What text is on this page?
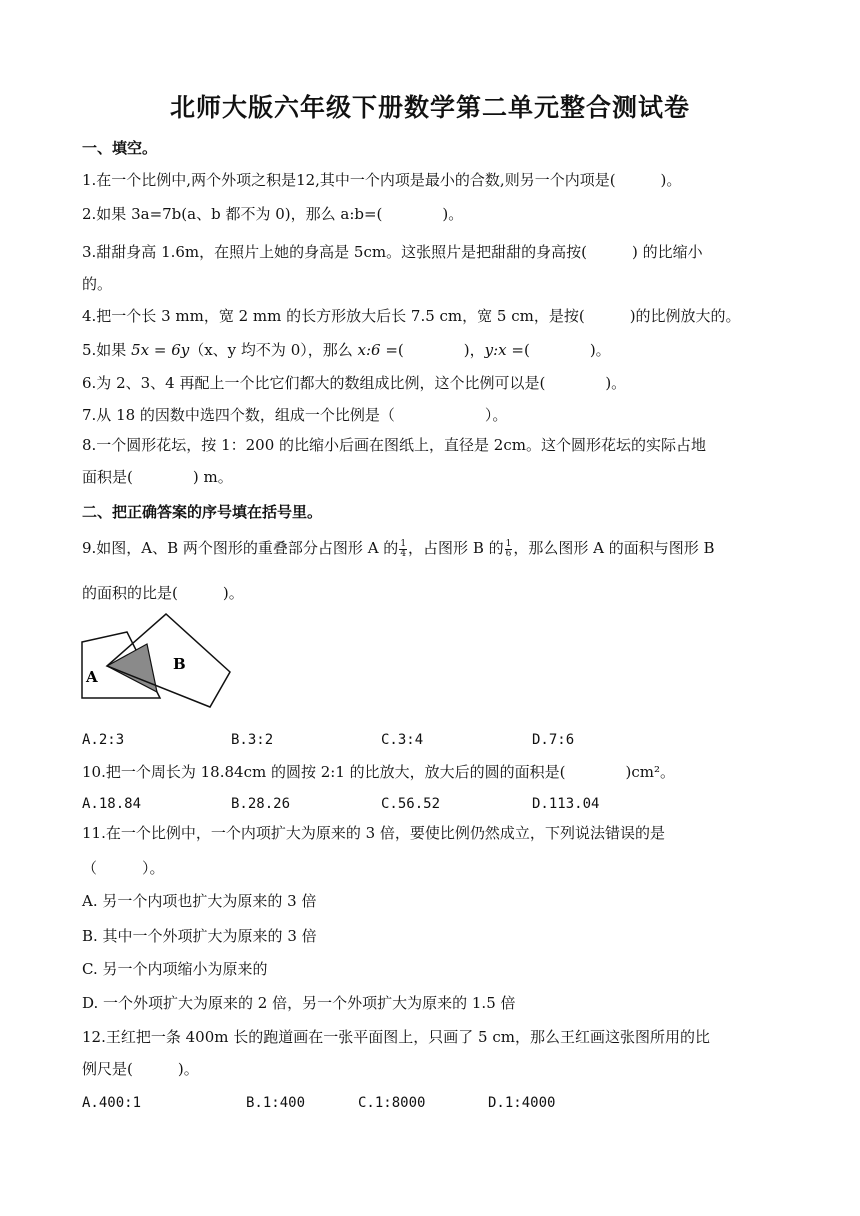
北师大版六年级下册数学第二单元整合测试卷
一、填空。
1.在一个比例中,两个外项之积是12,其中一个内项是最小的合数,则另一个内项是(　　　)。
2.如果 3a=7b(a、b 都不为 0)，那么 a:b=(　　　　)。
3.甜甜身高 1.6m，在照片上她的身高是 5cm。这张照片是把甜甜的身高按(　　　) 的比缩小
的。
4.把一个长 3 mm，宽 2 mm 的长方形放大后长 7.5 cm，宽 5 cm，是按(　　　)的比例放大的。
5.如果 5x = 6y（x、y 均不为 0），那么 x:6 =(　　　　)，y:x =(　　　　)。
6.为 2、3、4 再配上一个比它们都大的数组成比例，这个比例可以是(　　　　)。
7.从 18 的因数中选四个数，组成一个比例是（　　　　　　）。
8.一个圆形花坛，按 1：200 的比缩小后画在图纸上，直径是 2cm。这个圆形花坛的实际占地
面积是(　　　　) m。
二、把正确答案的序号填在括号里。
9.如图，A、B 两个图形的重叠部分占图形 A 的 $\frac{1}{4}$ ，占图形 B 的 $\frac{1}{6}$ ，那么图形 A 的面积与图形 B
的面积的比是(　　　)。
A
B
A.2:3	B.3:2	C.3:4	D.7:6
10.把一个周长为 18.84cm 的圆按 2:1 的比放大，放大后的圆的面积是(　　　　)cm²。
A.18.84	B.28.26	C.56.52	D.113.04
11.在一个比例中，一个内项扩大为原来的 3 倍，要使比例仍然成立，下列说法错误的是
（　　　）。
A. 另一个内项也扩大为原来的 3 倍
B. 其中一个外项扩大为原来的 3 倍
C. 另一个内项缩小为原来的
D. 一个外项扩大为原来的 2 倍，另一个外项扩大为原来的 1.5 倍
12.王红把一条 400m 长的跑道画在一张平面图上，只画了 5 cm，那么王红画这张图所用的比
例尺是(　　　)。
A.400:1	B.1:400	C.1:8000	D.1:4000
